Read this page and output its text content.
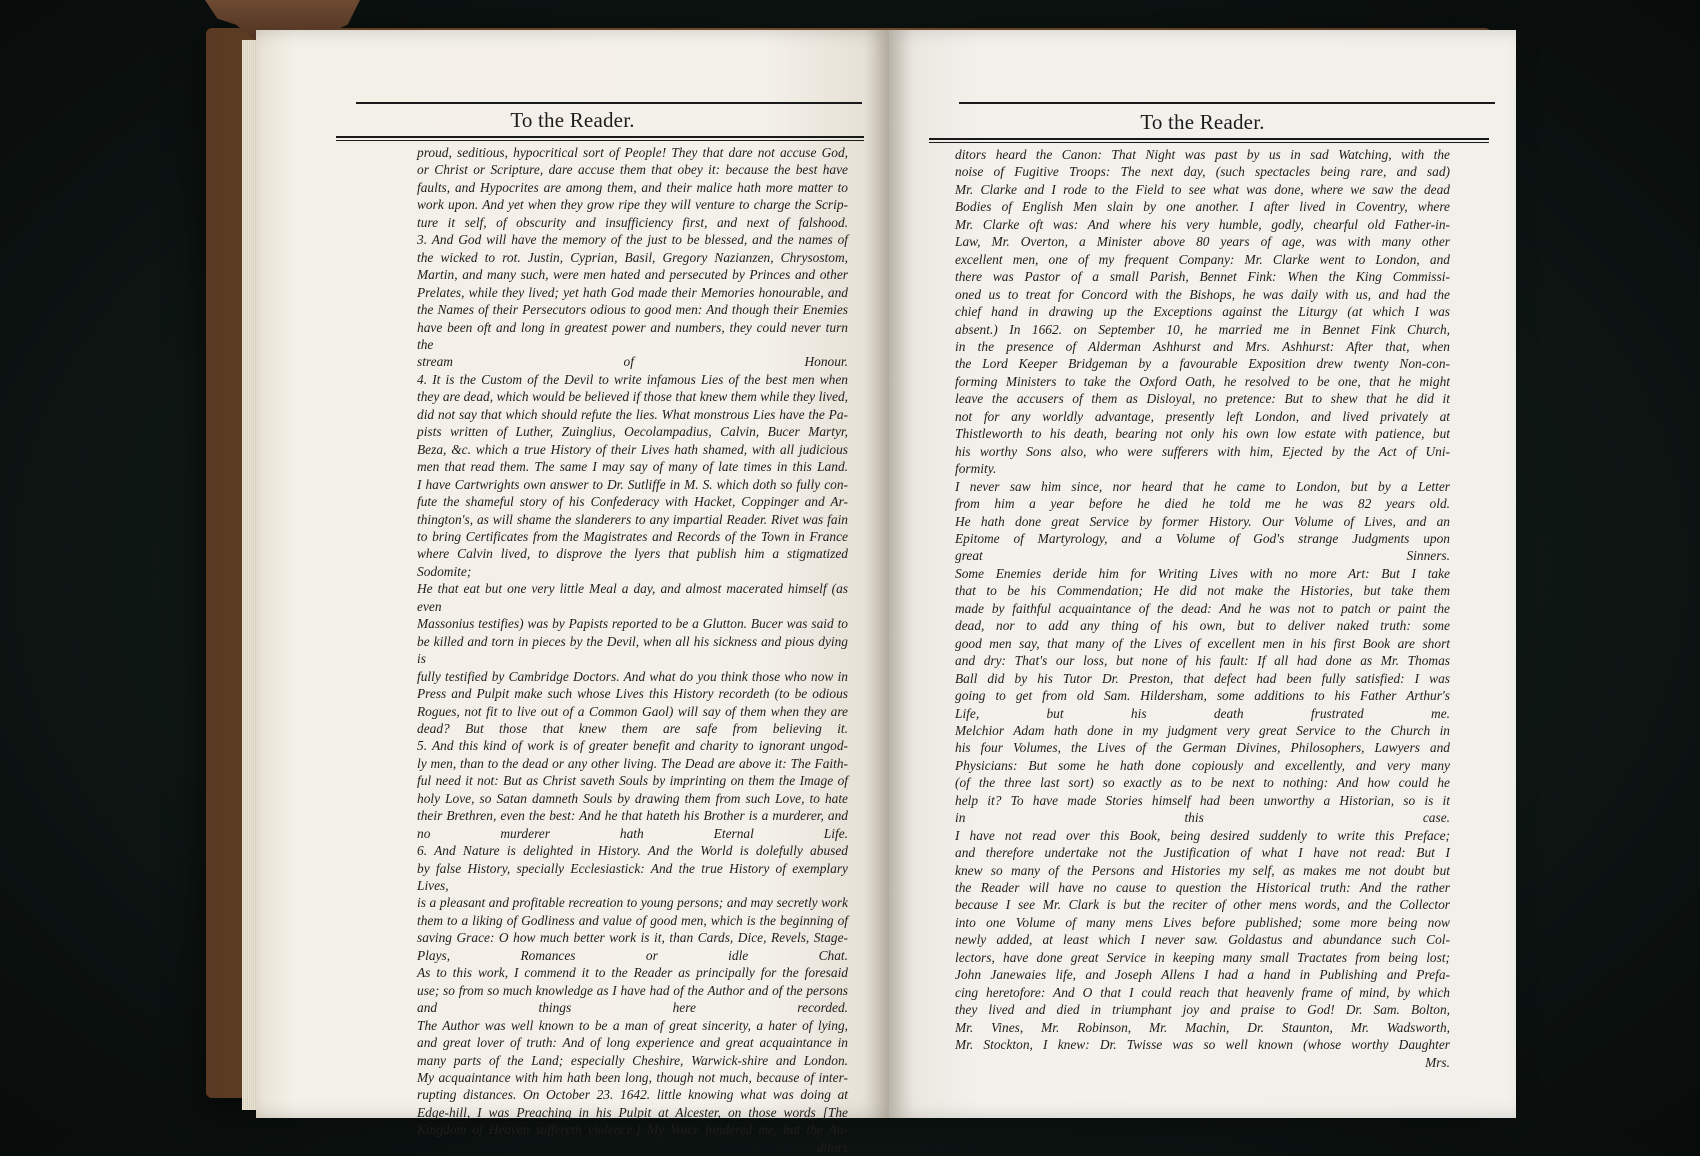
To the Reader.

proud, seditious, hypocritical sort of People! They that dare not accuse God,

or Christ or Scripture, dare accuse them that obey it: because the best have

faults, and Hypocrites are among them, and their malice hath more matter to

work upon. And yet when they grow ripe they will venture to charge the Scrip-

ture it self, of obscurity and insufficiency first, and next of falshood.

3. And God will have the memory of the just to be blessed, and the names of

the wicked to rot. Justin, Cyprian, Basil, Gregory Nazianzen, Chrysostom,

Martin, and many such, were men hated and persecuted by Princes and other

Prelates, while they lived; yet hath God made their Memories honourable, and

the Names of their Persecutors odious to good men: And though their Enemies

have been oft and long in greatest power and numbers, they could never turn the

stream of Honour.

4. It is the Custom of the Devil to write infamous Lies of the best men when

they are dead, which would be believed if those that knew them while they lived,

did not say that which should refute the lies. What monstrous Lies have the Pa-

pists written of Luther, Zuinglius, Oecolampadius, Calvin, Bucer Martyr,

Beza, &c. which a true History of their Lives hath shamed, with all judicious

men that read them. The same I may say of many of late times in this Land.

I have Cartwrights own answer to Dr. Sutliffe in M. S. which doth so fully con-

fute the shameful story of his Confederacy with Hacket, Coppinger and Ar-

thington's, as will shame the slanderers to any impartial Reader. Rivet was fain

to bring Certificates from the Magistrates and Records of the Town in France

where Calvin lived, to disprove the lyers that publish him a stigmatized Sodomite;

He that eat but one very little Meal a day, and almost macerated himself (as even

Massonius testifies) was by Papists reported to be a Glutton. Bucer was said to

be killed and torn in pieces by the Devil, when all his sickness and pious dying is

fully testified by Cambridge Doctors. And what do you think those who now in

Press and Pulpit make such whose Lives this History recordeth (to be odious

Rogues, not fit to live out of a Common Gaol) will say of them when they are

dead? But those that knew them are safe from believing it.

5. And this kind of work is of greater benefit and charity to ignorant ungod-

ly men, than to the dead or any other living. The Dead are above it: The Faith-

ful need it not: But as Christ saveth Souls by imprinting on them the Image of

holy Love, so Satan damneth Souls by drawing them from such Love, to hate

their Brethren, even the best: And he that hateth his Brother is a murderer, and

no murderer hath Eternal Life.

6. And Nature is delighted in History. And the World is dolefully abused

by false History, specially Ecclesiastick: And the true History of exemplary Lives,

is a pleasant and profitable recreation to young persons; and may secretly work

them to a liking of Godliness and value of good men, which is the beginning of

saving Grace: O how much better work is it, than Cards, Dice, Revels, Stage-

Plays, Romances or idle Chat.

As to this work, I commend it to the Reader as principally for the foresaid

use; so from so much knowledge as I have had of the Author and of the persons

and things here recorded.

The Author was well known to be a man of great sincerity, a hater of lying,

and great lover of truth: And of long experience and great acquaintance in

many parts of the Land; especially Cheshire, Warwick-shire and London.

My acquaintance with him hath been long, though not much, because of inter-

rupting distances. On October 23. 1642. little knowing what was doing at

Edge-hill, I was Preaching in his Pulpit at Alcester, on those words [The

Kingdom of Heaven suffereth violence.] My Voice hindered me, but the Au-

ditors

To the Reader.

ditors heard the Canon: That Night was past by us in sad Watching, with the

noise of Fugitive Troops: The next day, (such spectacles being rare, and sad)

Mr. Clarke and I rode to the Field to see what was done, where we saw the dead

Bodies of English Men slain by one another. I after lived in Coventry, where

Mr. Clarke oft was: And where his very humble, godly, chearful old Father-in-

Law, Mr. Overton, a Minister above 80 years of age, was with many other

excellent men, one of my frequent Company: Mr. Clarke went to London, and

there was Pastor of a small Parish, Bennet Fink: When the King Commissi-

oned us to treat for Concord with the Bishops, he was daily with us, and had the

chief hand in drawing up the Exceptions against the Liturgy (at which I was

absent.) In 1662. on September 10, he married me in Bennet Fink Church,

in the presence of Alderman Ashhurst and Mrs. Ashhurst: After that, when

the Lord Keeper Bridgeman by a favourable Exposition drew twenty Non-con-

forming Ministers to take the Oxford Oath, he resolved to be one, that he might

leave the accusers of them as Disloyal, no pretence: But to shew that he did it

not for any worldly advantage, presently left London, and lived privately at

Thistleworth to his death, bearing not only his own low estate with patience, but

his worthy Sons also, who were sufferers with him, Ejected by the Act of Uni-

formity.

I never saw him since, nor heard that he came to London, but by a Letter

from him a year before he died he told me he was 82 years old.

He hath done great Service by former History. Our Volume of Lives, and an

Epitome of Martyrology, and a Volume of God's strange Judgments upon

great Sinners.

Some Enemies deride him for Writing Lives with no more Art: But I take

that to be his Commendation; He did not make the Histories, but take them

made by faithful acquaintance of the dead: And he was not to patch or paint the

dead, nor to add any thing of his own, but to deliver naked truth: some

good men say, that many of the Lives of excellent men in his first Book are short

and dry: That's our loss, but none of his fault: If all had done as Mr. Thomas

Ball did by his Tutor Dr. Preston, that defect had been fully satisfied: I was

going to get from old Sam. Hildersham, some additions to his Father Arthur's

Life, but his death frustrated me.

Melchior Adam hath done in my judgment very great Service to the Church in

his four Volumes, the Lives of the German Divines, Philosophers, Lawyers and

Physicians: But some he hath done copiously and excellently, and very many

(of the three last sort) so exactly as to be next to nothing: And how could he

help it? To have made Stories himself had been unworthy a Historian, so is it

in this case.

I have not read over this Book, being desired suddenly to write this Preface;

and therefore undertake not the Justification of what I have not read: But I

knew so many of the Persons and Histories my self, as makes me not doubt but

the Reader will have no cause to question the Historical truth: And the rather

because I see Mr. Clark is but the reciter of other mens words, and the Collector

into one Volume of many mens Lives before published; some more being now

newly added, at least which I never saw. Goldastus and abundance such Col-

lectors, have done great Service in keeping many small Tractates from being lost;

John Janewaies life, and Joseph Allens I had a hand in Publishing and Prefa-

cing heretofore: And O that I could reach that heavenly frame of mind, by which

they lived and died in triumphant joy and praise to God! Dr. Sam. Bolton,

Mr. Vines, Mr. Robinson, Mr. Machin, Dr. Staunton, Mr. Wadsworth,

Mr. Stockton, I knew: Dr. Twisse was so well known (whose worthy Daughter

Mrs.
